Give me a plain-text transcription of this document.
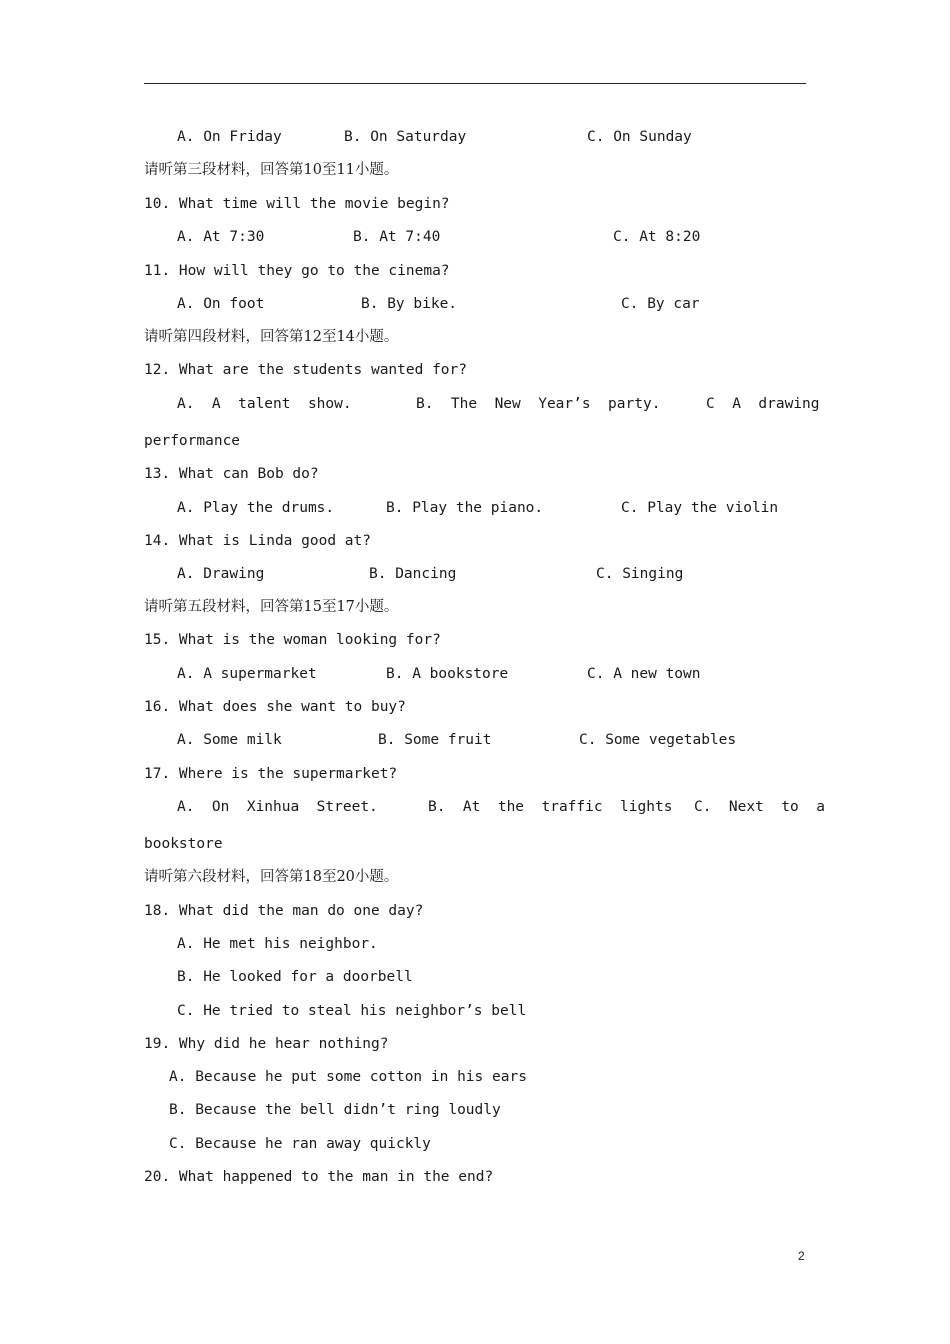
A. On Friday	B. On Saturday	C. On Sunday
请听第三段材料，回答第10至11小题。
10. What time will the movie begin?
A. At 7:30	B. At 7:40	C. At 8:20
11. How will they go to the cinema?
A. On foot	B. By bike.	C. By car
请听第四段材料，回答第12至14小题。
12. What are the students wanted for?
A.  A  talent  show.	B.  The  New  Year’s  party.	C  A  drawing
performance
13. What can Bob do?
A. Play the drums.	B. Play the piano.	C. Play the violin
14. What is Linda good at?
A. Drawing	B. Dancing	C. Singing
请听第五段材料，回答第15至17小题。
15. What is the woman looking for?
A. A supermarket	B. A bookstore	C. A new town
16. What does she want to buy?
A. Some milk	B. Some fruit	C. Some vegetables
17. Where is the supermarket?
A.  On  Xinhua  Street.	B.  At  the  traffic  lights C.  Next  to  a
bookstore
请听第六段材料，回答第18至20小题。
18. What did the man do one day?
A. He met his neighbor.
B. He looked for a doorbell
C. He tried to steal his neighbor’s bell
19. Why did he hear nothing?
A. Because he put some cotton in his ears
B. Because the bell didn’t ring loudly
C. Because he ran away quickly
20. What happened to the man in the end?
2
